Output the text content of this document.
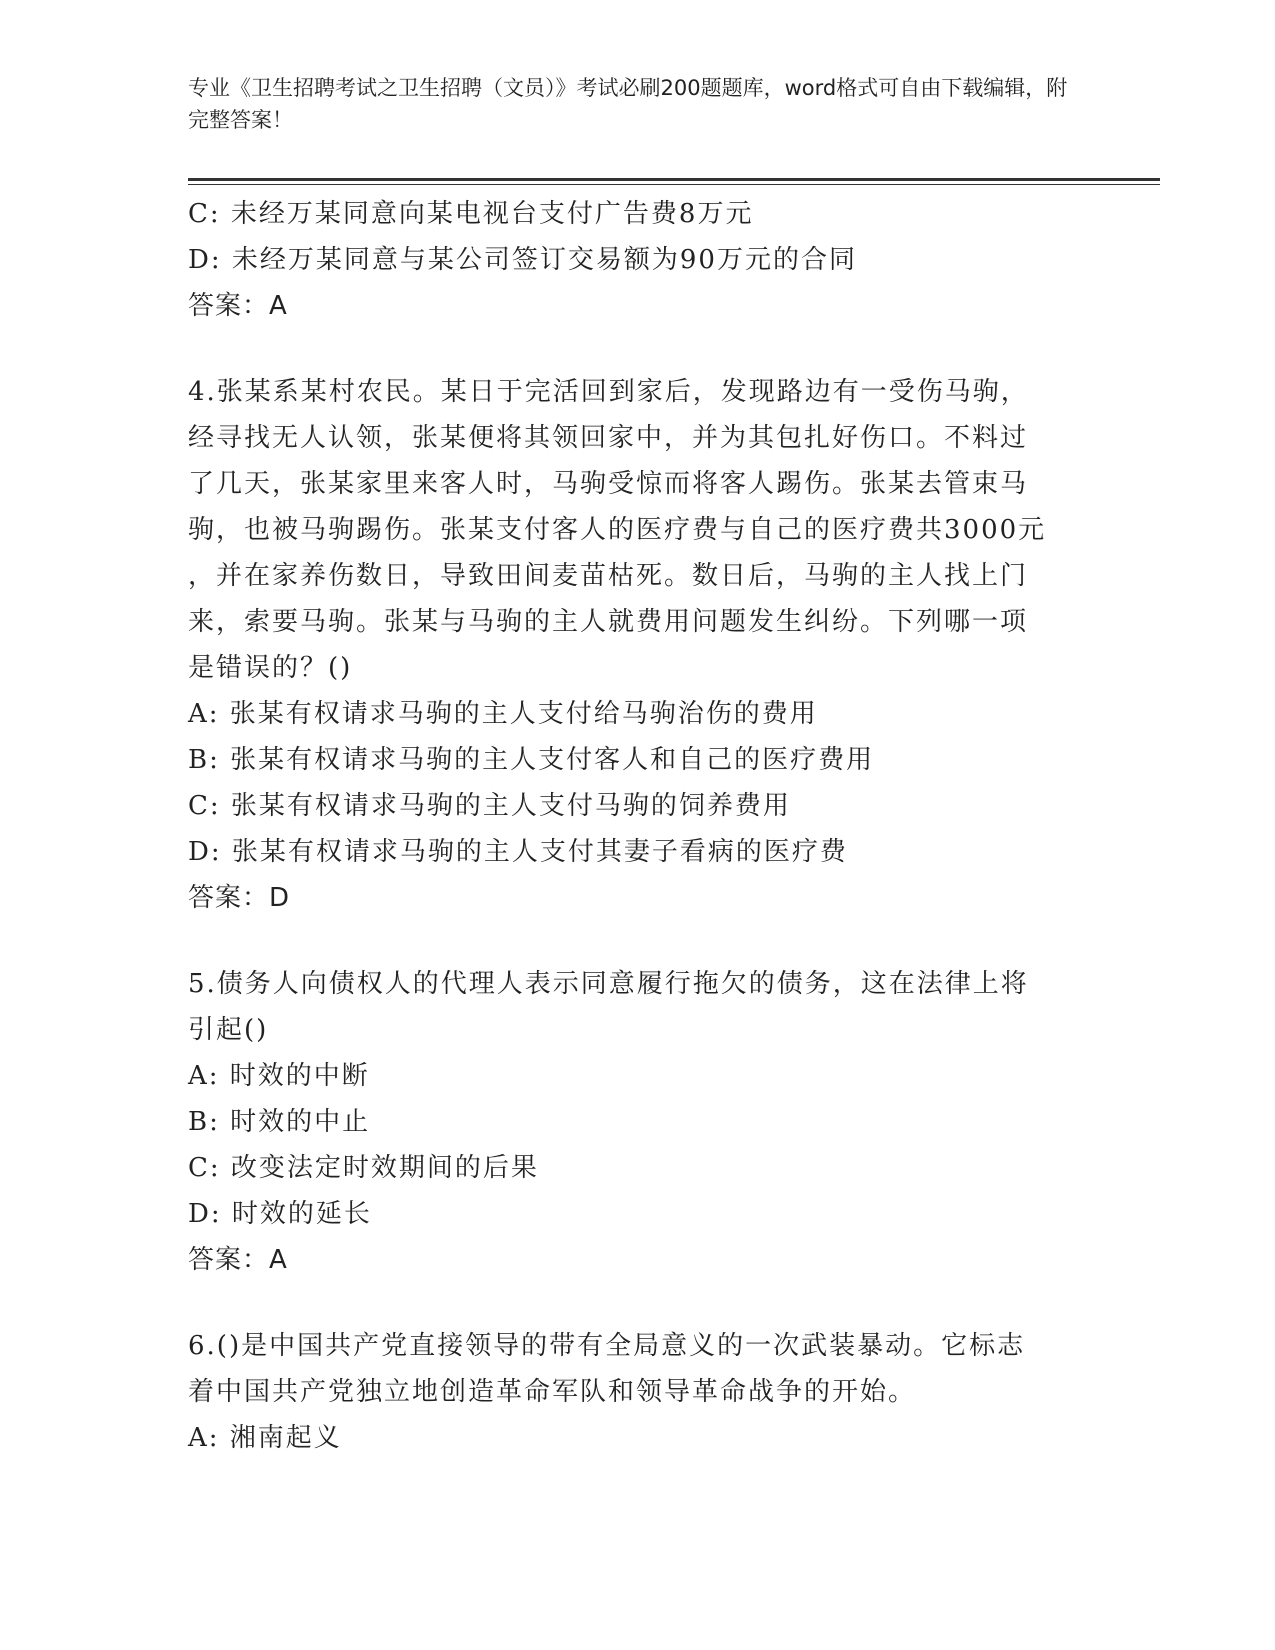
专业《卫生招聘考试之卫生招聘（文员）》考试必刷200题题库，word格式可自由下载编辑，附完整答案！
C: 未经万某同意向某电视台支付广告费8万元
D: 未经万某同意与某公司签订交易额为90万元的合同
答案：A
4.张某系某村农民。某日于完活回到家后，发现路边有一受伤马驹，
经寻找无人认领，张某便将其领回家中，并为其包扎好伤口。不料过
了几天，张某家里来客人时，马驹受惊而将客人踢伤。张某去管束马
驹，也被马驹踢伤。张某支付客人的医疗费与自己的医疗费共3000元
，并在家养伤数日，导致田间麦苗枯死。数日后，马驹的主人找上门
来，索要马驹。张某与马驹的主人就费用问题发生纠纷。下列哪一项
是错误的？()
A: 张某有权请求马驹的主人支付给马驹治伤的费用
B: 张某有权请求马驹的主人支付客人和自己的医疗费用
C: 张某有权请求马驹的主人支付马驹的饲养费用
D: 张某有权请求马驹的主人支付其妻子看病的医疗费
答案：D
5.债务人向债权人的代理人表示同意履行拖欠的债务，这在法律上将
引起()
A: 时效的中断
B: 时效的中止
C: 改变法定时效期间的后果
D: 时效的延长
答案：A
6.()是中国共产党直接领导的带有全局意义的一次武装暴动。它标志
着中国共产党独立地创造革命军队和领导革命战争的开始。
A: 湘南起义
